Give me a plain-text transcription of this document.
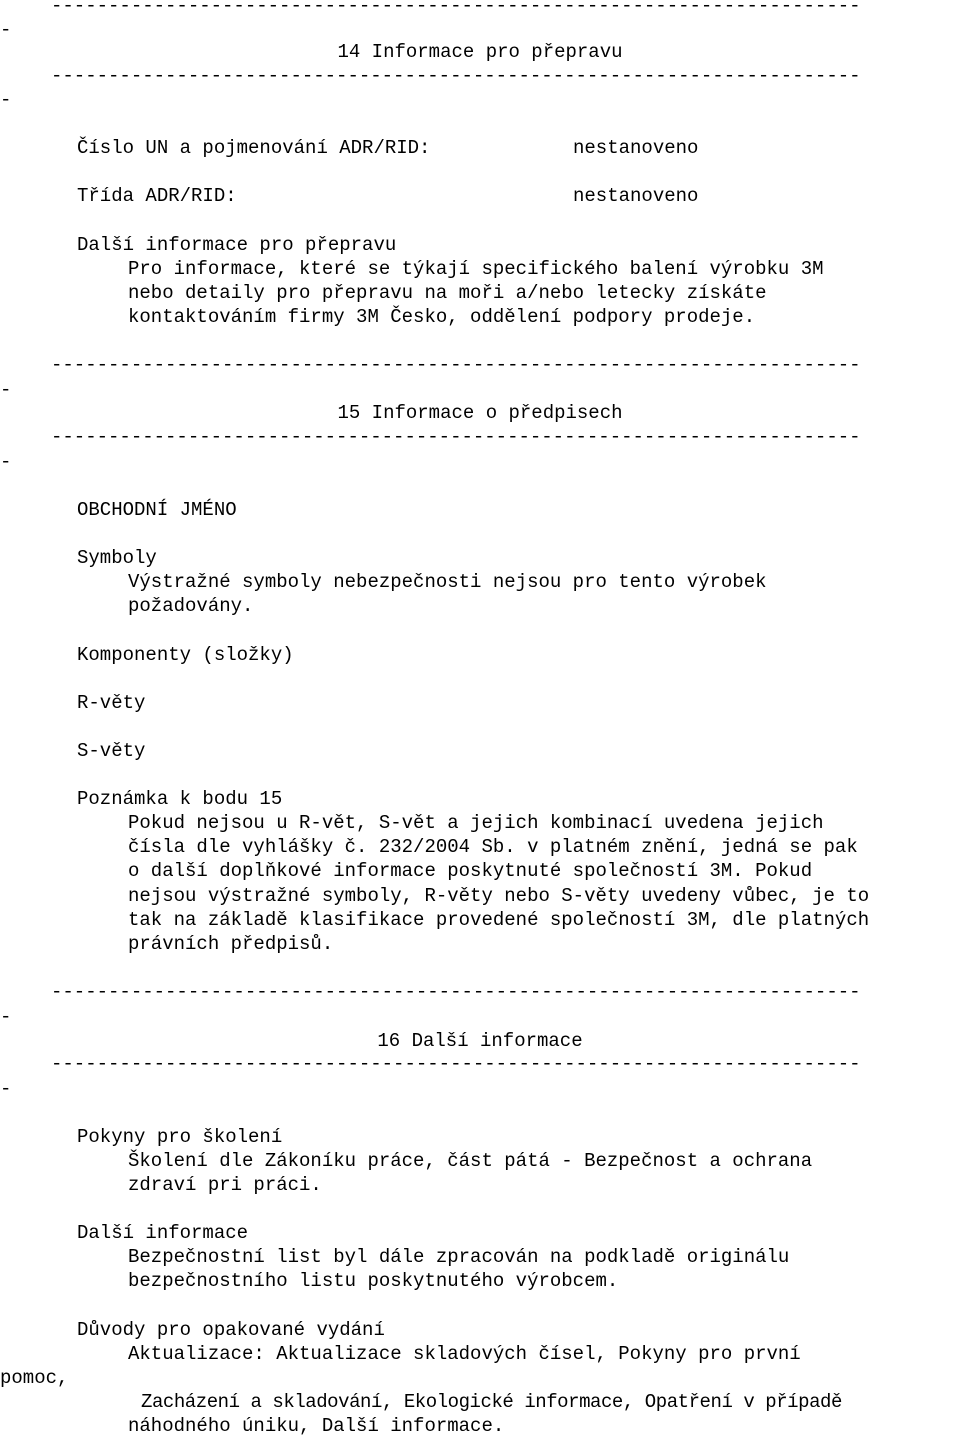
-----
-
14 Informace pro přepravu
-----
-
Číslo UN a pojmenování ADR/RID:	nestanoveno
Třída ADR/RID:	nestanoveno
Další informace pro přepravu
Pro informace, které se týkají specifického balení výrobku 3M
nebo detaily pro přepravu na moři a/nebo letecky získáte
kontaktováním firmy 3M Česko, oddělení podpory prodeje.
-----
-
15 Informace o předpisech
-----
-
OBCHODNÍ JMÉNO
Symboly
Výstražné symboly nebezpečnosti nejsou pro tento výrobek
požadovány.
Komponenty (složky)
R-věty
S-věty
Poznámka k bodu 15
Pokud nejsou u R-vět, S-vět a jejich kombinací uvedena jejich
čísla dle vyhlášky č. 232/2004 Sb. v platném znění, jedná se pak
o další doplňkové informace poskytnuté společností 3M. Pokud
nejsou výstražné symboly, R-věty nebo S-věty uvedeny vůbec, je to
tak na základě klasifikace provedené společností 3M, dle platných
právních předpisů.
-----
-
16 Další informace
-----
-
Pokyny pro školení
Školení dle Zákoníku práce, část pátá - Bezpečnost a ochrana
zdraví pri práci.
Další informace
Bezpečnostní list byl dále zpracován na podkladě originálu
bezpečnostního listu poskytnutého výrobcem.
Důvody pro opakované vydání
Aktualizace: Aktualizace skladových čísel, Pokyny pro první
pomoc,
Zacházení a skladování, Ekologické informace, Opatření v případě
náhodného úniku, Další informace.
